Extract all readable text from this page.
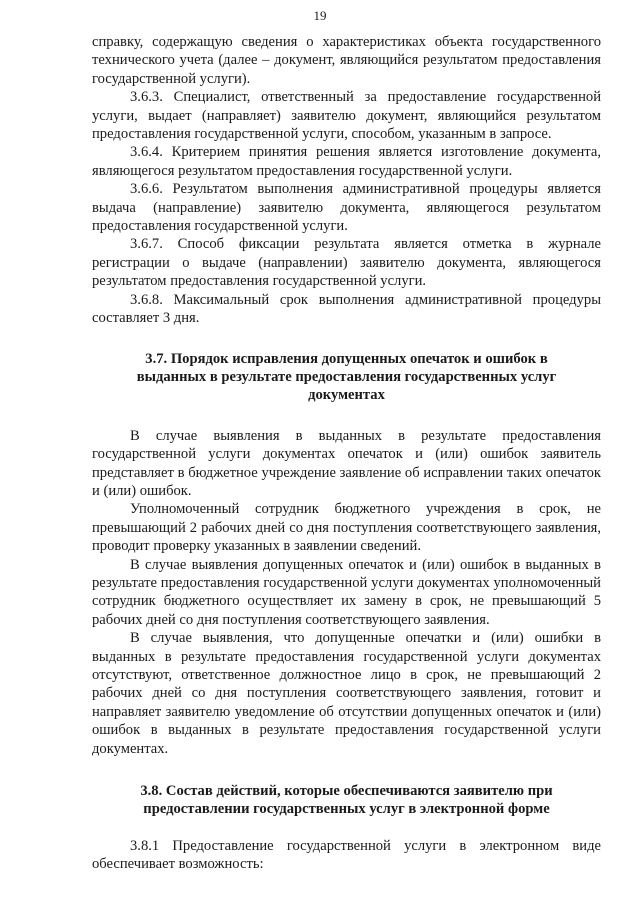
19

справку, содержащую сведения о характеристиках объекта государственного технического учета (далее – документ, являющийся результатом предоставления государственной услуги).

3.6.3. Специалист, ответственный за предоставление государственной услуги, выдает (направляет) заявителю документ, являющийся результатом предоставления государственной услуги, способом, указанным в запросе.

3.6.4. Критерием принятия решения является изготовление документа, являющегося результатом предоставления государственной услуги.

3.6.6. Результатом выполнения административной процедуры является выдача (направление) заявителю документа, являющегося результатом предоставления государственной услуги.

3.6.7. Способ фиксации результата является отметка в журнале регистрации о выдаче (направлении) заявителю документа, являющегося результатом предоставления государственной услуги.

3.6.8. Максимальный срок выполнения административной процедуры составляет 3 дня.

3.7. Порядок исправления допущенных опечаток и ошибок в выданных в результате предоставления государственных услуг документах

В случае выявления в выданных в результате предоставления государственной услуги документах опечаток и (или) ошибок заявитель представляет в бюджетное учреждение заявление об исправлении таких опечаток и (или) ошибок.

Уполномоченный сотрудник бюджетного учреждения в срок, не превышающий 2 рабочих дней со дня поступления соответствующего заявления, проводит проверку указанных в заявлении сведений.

В случае выявления допущенных опечаток и (или) ошибок в выданных в результате предоставления государственной услуги документах уполномоченный сотрудник бюджетного осуществляет их замену в срок, не превышающий 5 рабочих дней со дня поступления соответствующего заявления.

В случае выявления, что допущенные опечатки и (или) ошибки в выданных в результате предоставления государственной услуги документах отсутствуют, ответственное должностное лицо в срок, не превышающий 2 рабочих дней со дня поступления соответствующего заявления, готовит и направляет заявителю уведомление об отсутствии допущенных опечаток и (или) ошибок в выданных в результате предоставления государственной услуги документах.

3.8. Состав действий, которые обеспечиваются заявителю при предоставлении государственных услуг в электронной форме

3.8.1 Предоставление государственной услуги в электронном виде обеспечивает возможность:
